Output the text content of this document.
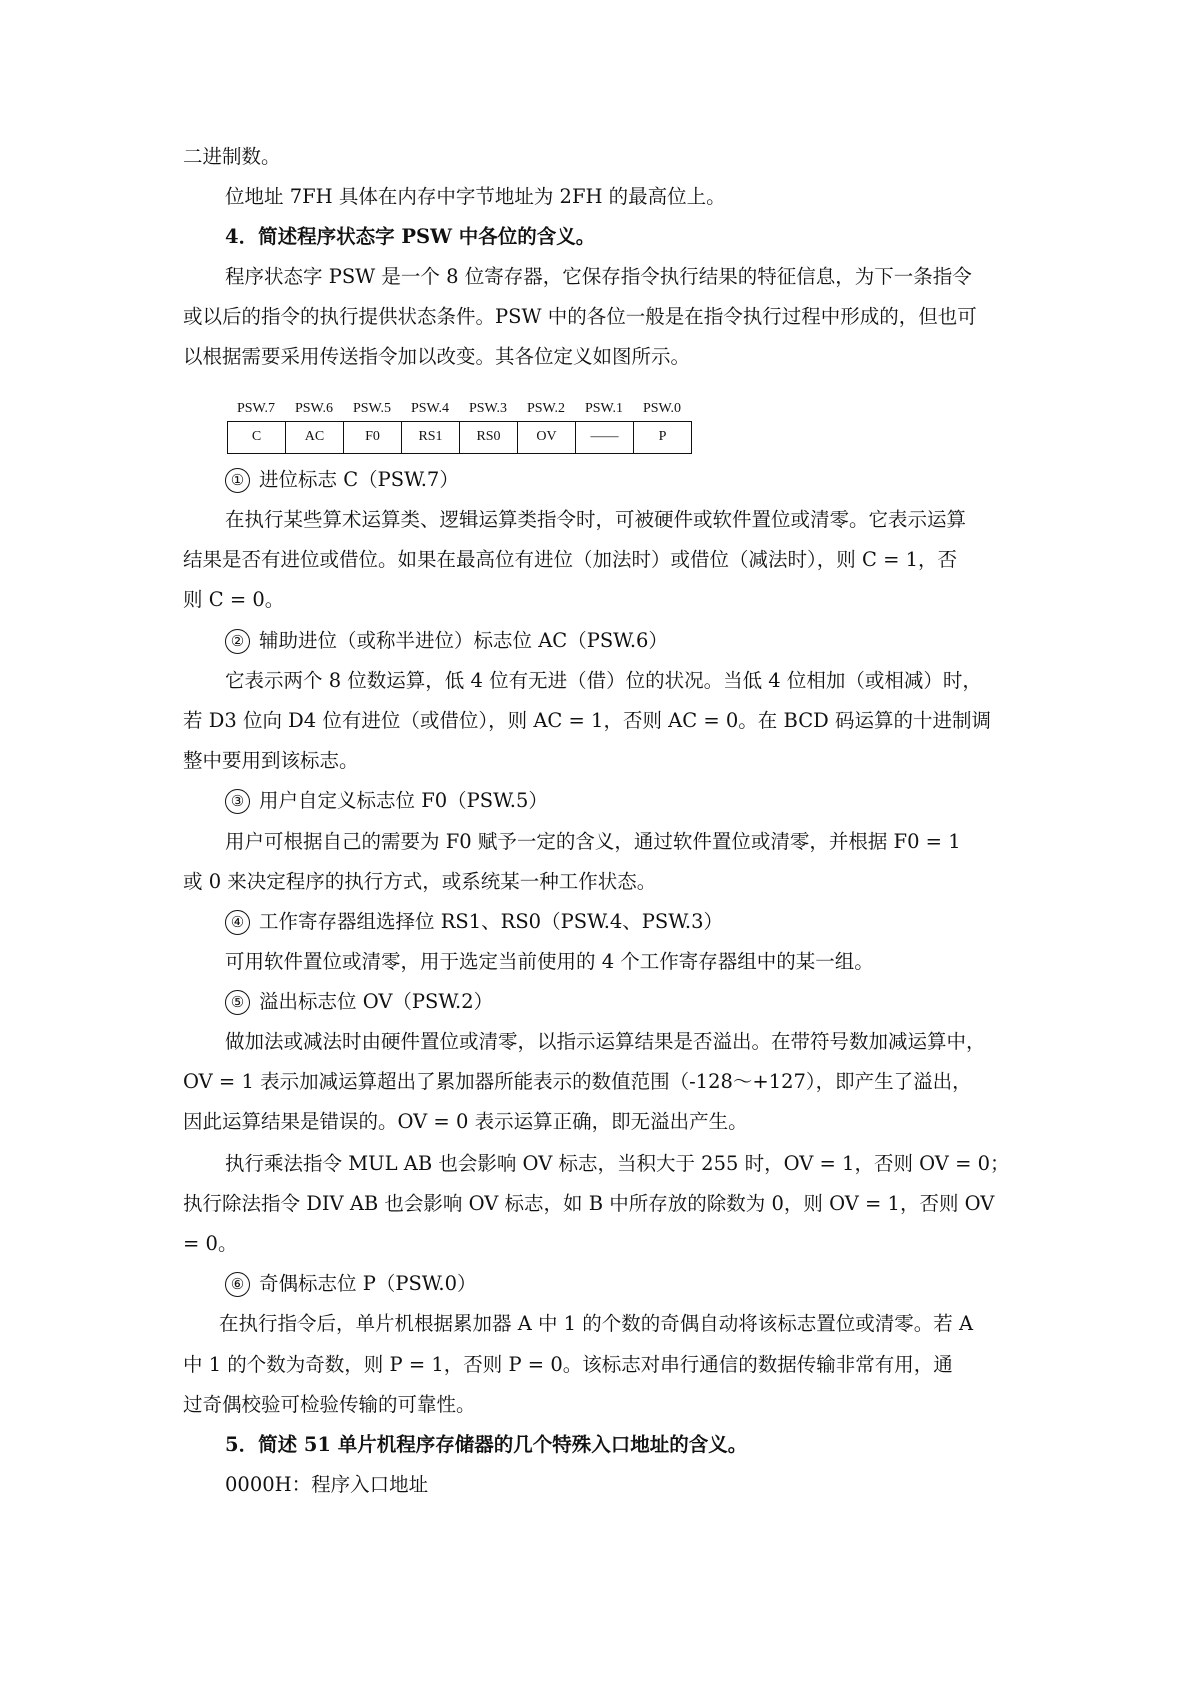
二进制数。
位地址 7FH 具体在内存中字节地址为 2FH 的最高位上。
4．简述程序状态字 PSW 中各位的含义。
程序状态字 PSW 是一个 8 位寄存器，它保存指令执行结果的特征信息，为下一条指令
或以后的指令的执行提供状态条件。PSW 中的各位一般是在指令执行过程中形成的，但也可
以根据需要采用传送指令加以改变。其各位定义如图所示。
PSW.7	PSW.6	PSW.5	PSW.4	PSW.3	PSW.2	PSW.1	PSW.0
C	AC	F0	RS1	RS0	OV	——	P
① 进位标志 C（PSW.7）
在执行某些算术运算类、逻辑运算类指令时，可被硬件或软件置位或清零。它表示运算
结果是否有进位或借位。如果在最高位有进位（加法时）或借位（减法时），则 C = 1，否
则 C = 0。
② 辅助进位（或称半进位）标志位 AC（PSW.6）
它表示两个 8 位数运算，低 4 位有无进（借）位的状况。当低 4 位相加（或相减）时，
若 D3 位向 D4 位有进位（或借位），则 AC = 1，否则 AC = 0。在 BCD 码运算的十进制调
整中要用到该标志。
③ 用户自定义标志位 F0（PSW.5）
用户可根据自己的需要为 F0 赋予一定的含义，通过软件置位或清零，并根据 F0 = 1
或 0 来决定程序的执行方式，或系统某一种工作状态。
④ 工作寄存器组选择位 RS1、RS0（PSW.4、PSW.3）
可用软件置位或清零，用于选定当前使用的 4 个工作寄存器组中的某一组。
⑤ 溢出标志位 OV（PSW.2）
做加法或减法时由硬件置位或清零，以指示运算结果是否溢出。在带符号数加减运算中，
OV = 1 表示加减运算超出了累加器所能表示的数值范围（-128～+127），即产生了溢出，
因此运算结果是错误的。OV = 0 表示运算正确，即无溢出产生。
执行乘法指令 MUL AB 也会影响 OV 标志，当积大于 255 时，OV = 1，否则 OV = 0；
执行除法指令 DIV AB 也会影响 OV 标志，如 B 中所存放的除数为 0，则 OV = 1，否则 OV
= 0。
⑥ 奇偶标志位 P（PSW.0）
在执行指令后，单片机根据累加器 A 中 1 的个数的奇偶自动将该标志置位或清零。若 A
中 1 的个数为奇数，则 P = 1，否则 P = 0。该标志对串行通信的数据传输非常有用，通
过奇偶校验可检验传输的可靠性。
5．简述 51 单片机程序存储器的几个特殊入口地址的含义。
0000H：程序入口地址
